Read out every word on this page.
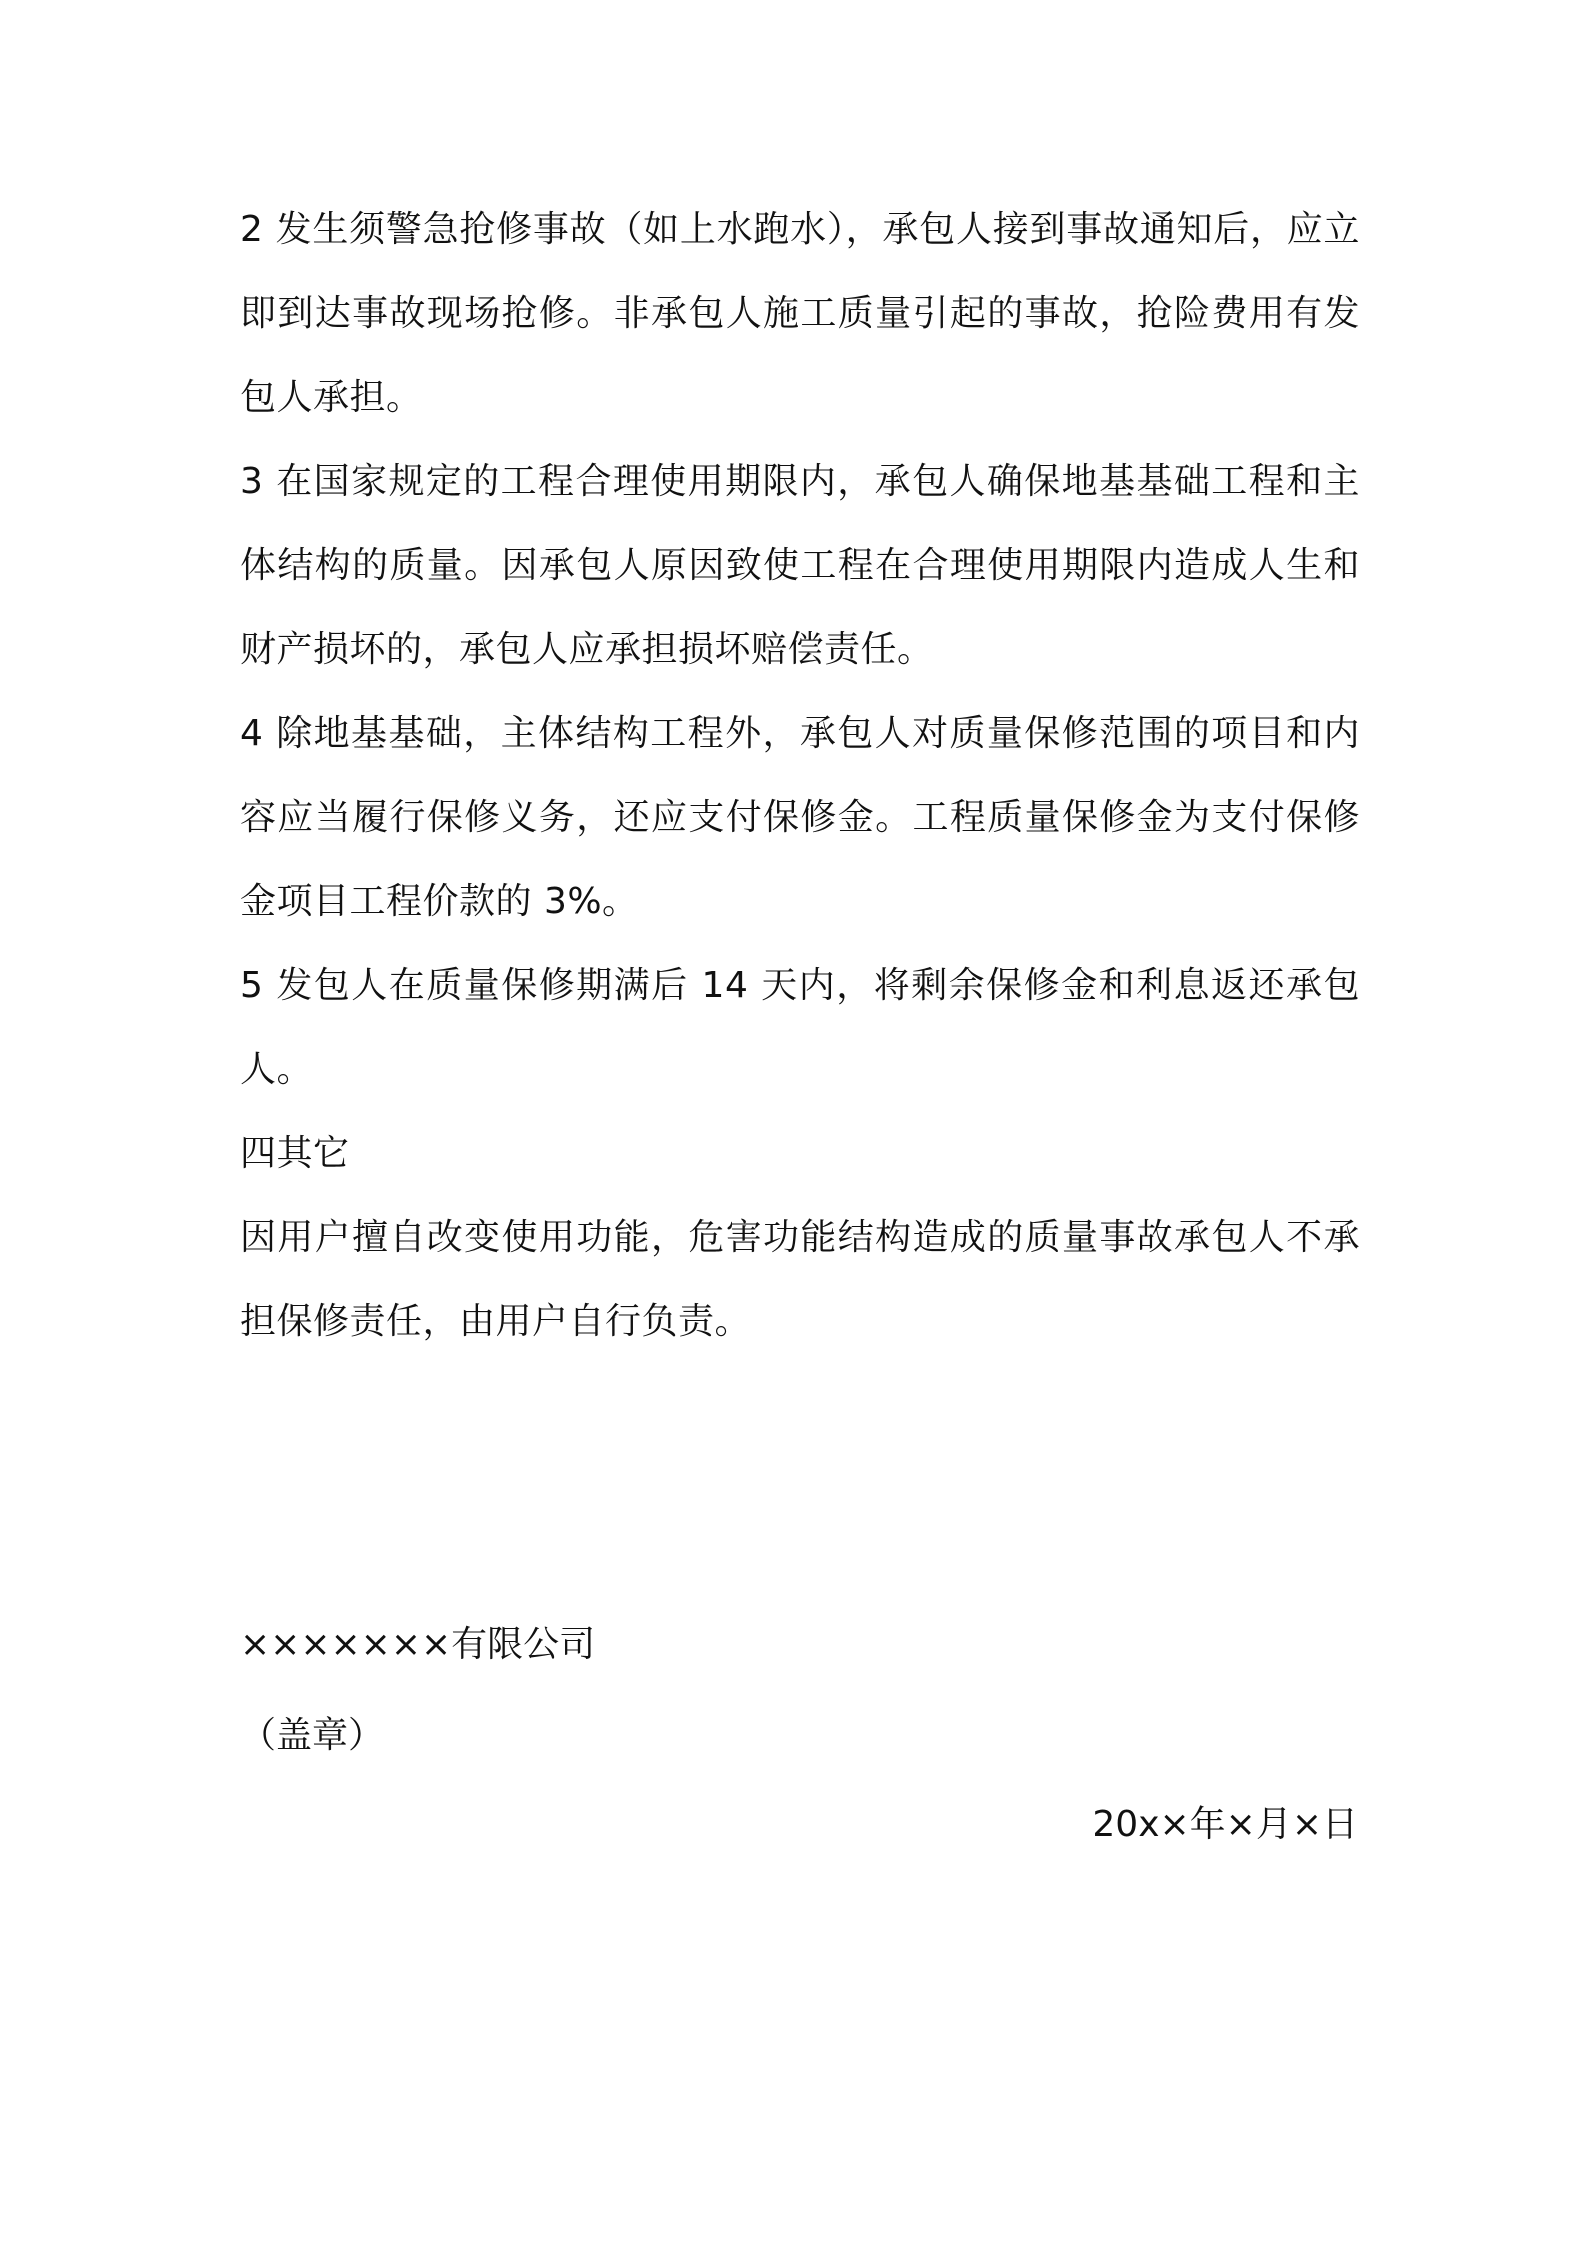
2 发生须警急抢修事故（如上水跑水），承包人接到事故通知后，应立即到达事故现场抢修。非承包人施工质量引起的事故，抢险费用有发包人承担。

3 在国家规定的工程合理使用期限内，承包人确保地基基础工程和主体结构的质量。因承包人原因致使工程在合理使用期限内造成人生和财产损坏的，承包人应承担损坏赔偿责任。

4 除地基基础，主体结构工程外，承包人对质量保修范围的项目和内容应当履行保修义务，还应支付保修金。工程质量保修金为支付保修金项目工程价款的 3%。

5 发包人在质量保修期满后 14 天内，将剩余保修金和利息返还承包人。

四其它

因用户擅自改变使用功能，危害功能结构造成的质量事故承包人不承担保修责任，由用户自行负责。

×××××××有限公司
（盖章）
20x×年×月×日
